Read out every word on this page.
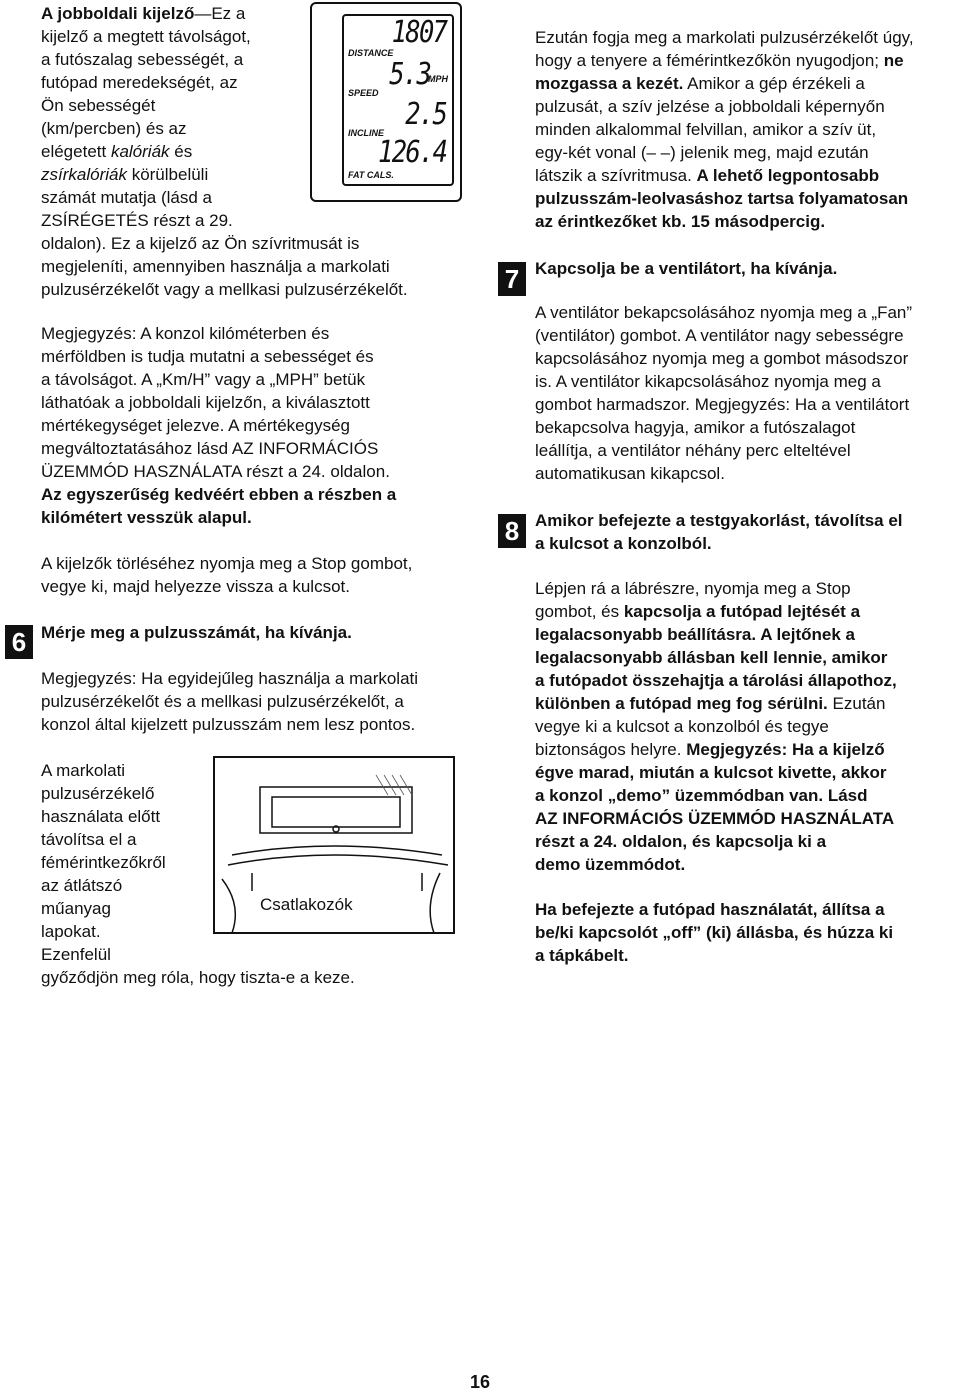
A jobboldali kijelző—Ez a

kijelző a megtett távolságot,

a futószalag sebességét, a

futópad meredekségét, az

Ön sebességét

(km/percben) és az

elégetett kalóriák és

zsírkalóriák körülbelüli

számát mutatja (lásd a

ZSÍRÉGETÉS részt a 29.

oldalon). Ez a kijelző az Ön szívritmusát is

megjeleníti, amennyiben használja a markolati

pulzusérzékelőt vagy a mellkasi pulzusérzékelőt.

1807
DISTANCE
5.3
MPH
SPEED
2.5
INCLINE
126.4
FAT CALS.

Megjegyzés: A konzol kilóméterben és

mérföldben is tudja mutatni a sebességet és

a távolságot. A „Km/H” vagy a „MPH” betük

láthatóak a jobboldali kijelzőn, a kiválasztott

mértékegységet jelezve. A mértékegység

megváltoztatásához lásd AZ INFORMÁCIÓS

ÜZEMMÓD HASZNÁLATA részt a 24. oldalon.

Az egyszerűség kedvéért ebben a részben a

kilómétert vesszük alapul.

A kijelzők törléséhez nyomja meg a Stop gombot,

vegye ki, majd helyezze vissza a kulcsot.

6 Mérje meg a pulzusszámát, ha kívánja.

Megjegyzés: Ha egyidejűleg használja a markolati

pulzusérzékelőt és a mellkasi pulzusérzékelőt, a

konzol által kijelzett pulzusszám nem lesz pontos.

A markolati

pulzusérzékelő

használata előtt

távolítsa el a

fémérintkezőkről

az átlátszó

műanyag

lapokat.

Ezenfelül

győződjön meg róla, hogy tiszta-e a keze.

Csatlakozók

Ezután fogja meg a markolati pulzusérzékelőt úgy,

hogy a tenyere a fémérintkezőkön nyugodjon; ne

mozgassa a kezét. Amikor a gép érzékeli a

pulzusát, a szív jelzése a jobboldali képernyőn

minden alkalommal felvillan, amikor a szív üt,

egy-két vonal (– –) jelenik meg, majd ezután

látszik a szívritmusa. A lehető legpontosabb

pulzusszám-leolvasáshoz tartsa folyamatosan

az érintkezőket kb. 15 másodpercig.

7 Kapcsolja be a ventilátort, ha kívánja.

A ventilátor bekapcsolásához nyomja meg a „Fan”

(ventilátor) gombot. A ventilátor nagy sebességre

kapcsolásához nyomja meg a gombot másodszor

is. A ventilátor kikapcsolásához nyomja meg a

gombot harmadszor. Megjegyzés: Ha a ventilátort

bekapcsolva hagyja, amikor a futószalagot

leállítja, a ventilátor néhány perc elteltével

automatikusan kikapcsol.

8 Amikor befejezte a testgyakorlást, távolítsa el

a kulcsot a konzolból.

Lépjen rá a lábrészre, nyomja meg a Stop

gombot, és kapcsolja a futópad lejtését a

legalacsonyabb beállításra. A lejtőnek a

legalacsonyabb állásban kell lennie, amikor

a futópadot összehajtja a tárolási állapothoz,

különben a futópad meg fog sérülni. Ezután

vegye ki a kulcsot a konzolból és tegye

biztonságos helyre. Megjegyzés: Ha a kijelző

égve marad, miután a kulcsot kivette, akkor

a konzol „demo” üzemmódban van. Lásd

AZ INFORMÁCIÓS ÜZEMMÓD HASZNÁLATA

részt a 24. oldalon, és kapcsolja ki a

demo üzemmódot.

Ha befejezte a futópad használatát, állítsa a

be/ki kapcsolót „off” (ki) állásba, és húzza ki

a tápkábelt.

16
